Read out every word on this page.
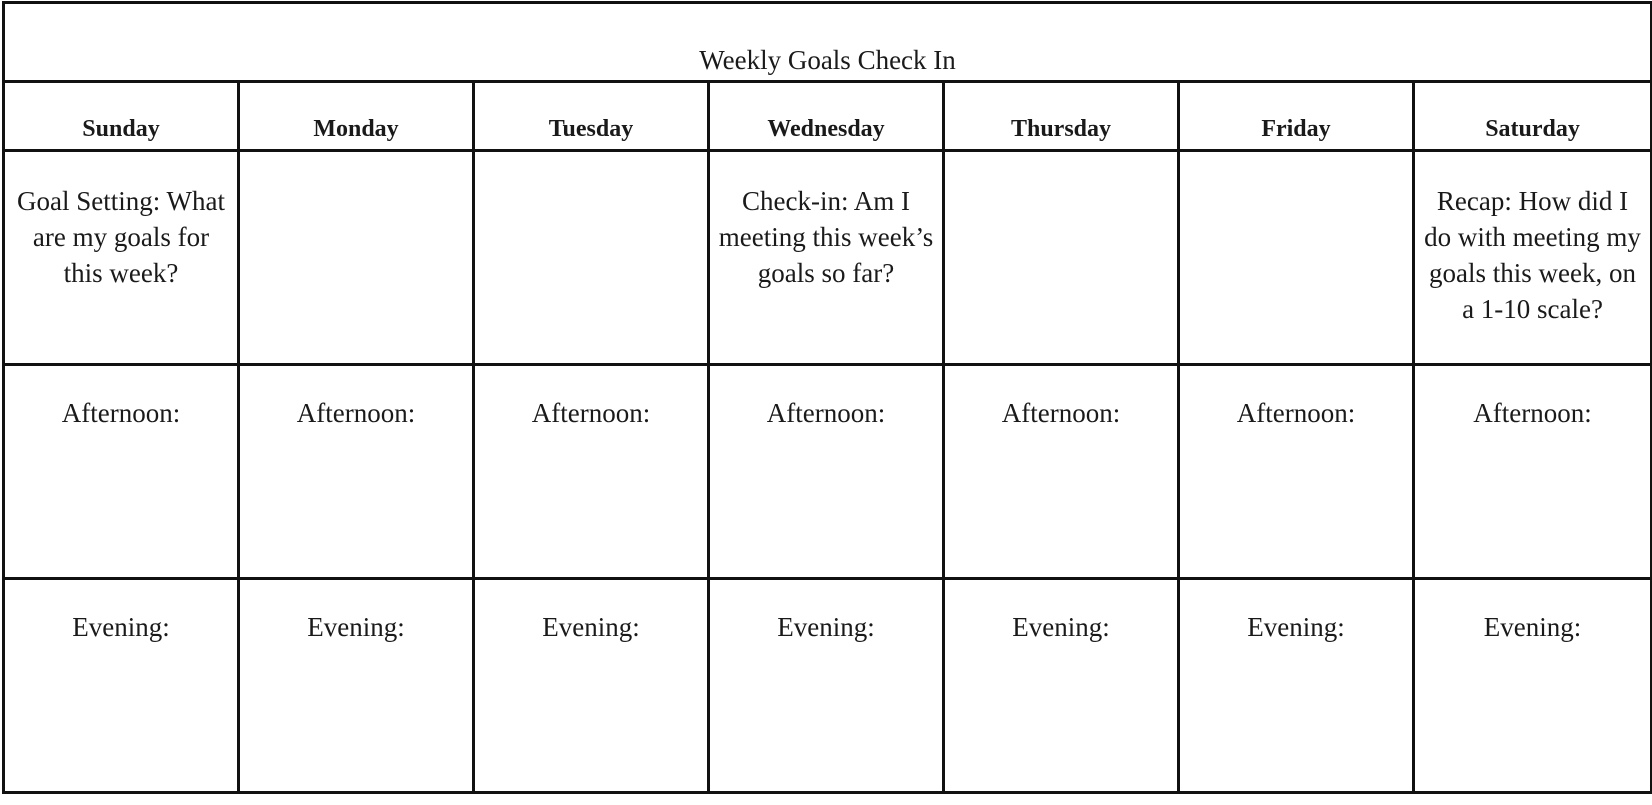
Weekly Goals Check In						

Sunday	Monday	Tuesday	Wednesday	Thursday	Friday	Saturday

Goal Setting: What are my goals for this week?			Check-in: Am I meeting this week’s goals so far?			Recap: How did I do with meeting my goals this week, on a 1-10 scale?

Afternoon:	Afternoon:	Afternoon:	Afternoon:	Afternoon:	Afternoon:	Afternoon:

Evening:	Evening:	Evening:	Evening:	Evening:	Evening:	Evening:
